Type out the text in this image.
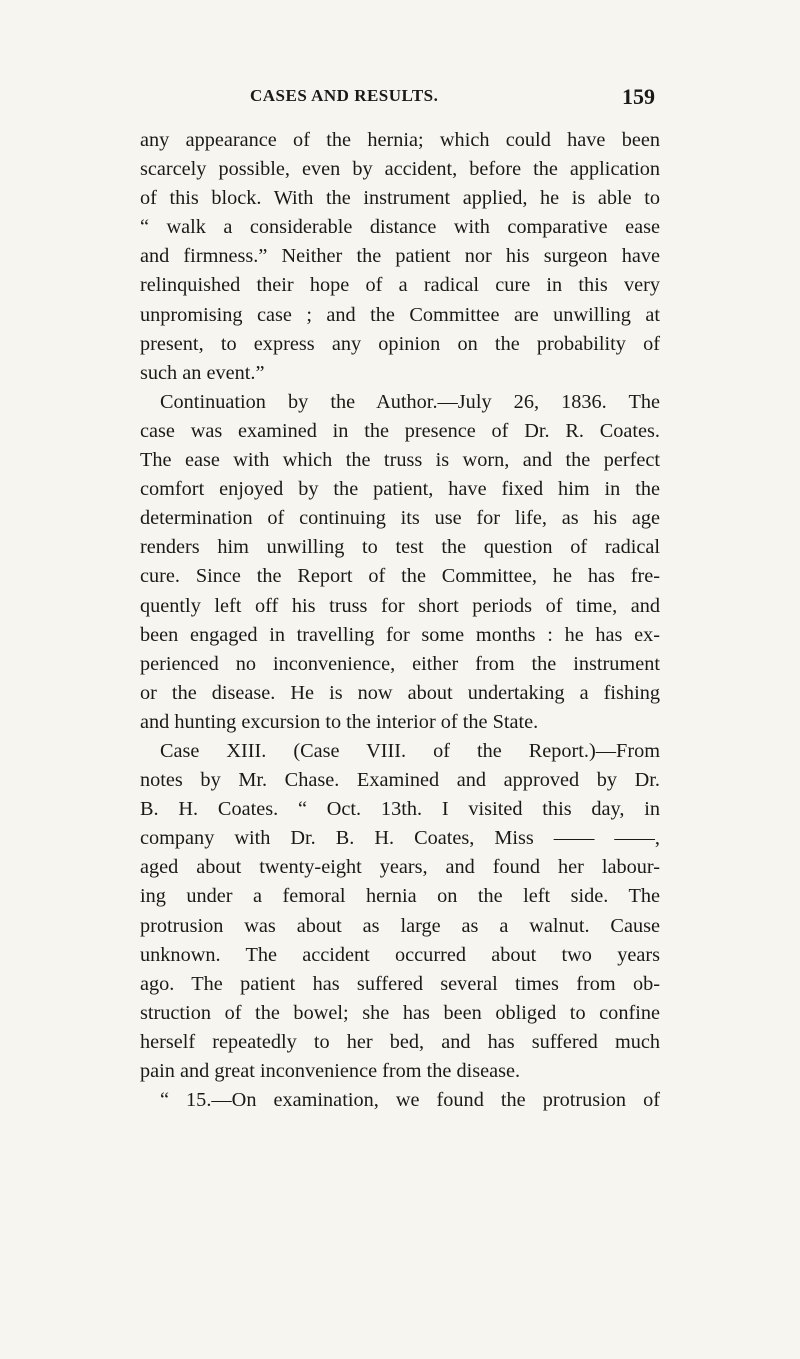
CASES AND RESULTS.	159
any appearance of the hernia; which could have been
scarcely possible, even by accident, before the application
of this block. With the instrument applied, he is able to
“ walk a considerable distance with comparative ease
and firmness.” Neither the patient nor his surgeon have
relinquished their hope of a radical cure in this very
unpromising case ; and the Committee are unwilling at
present, to express any opinion on the probability of
such an event.”
Continuation by the Author.—July 26, 1836. The
case was examined in the presence of Dr. R. Coates.
The ease with which the truss is worn, and the perfect
comfort enjoyed by the patient, have fixed him in the
determination of continuing its use for life, as his age
renders him unwilling to test the question of radical
cure. Since the Report of the Committee, he has fre-
quently left off his truss for short periods of time, and
been engaged in travelling for some months : he has ex-
perienced no inconvenience, either from the instrument
or the disease. He is now about undertaking a fishing
and hunting excursion to the interior of the State.
Case XIII. (Case VIII. of the Report.)—From
notes by Mr. Chase. Examined and approved by Dr.
B. H. Coates. “ Oct. 13th. I visited this day, in
company with Dr. B. H. Coates, Miss —— ——,
aged about twenty-eight years, and found her labour-
ing under a femoral hernia on the left side. The
protrusion was about as large as a walnut. Cause
unknown. The accident occurred about two years
ago. The patient has suffered several times from ob-
struction of the bowel; she has been obliged to confine
herself repeatedly to her bed, and has suffered much
pain and great inconvenience from the disease.
“ 15.—On examination, we found the protrusion of
